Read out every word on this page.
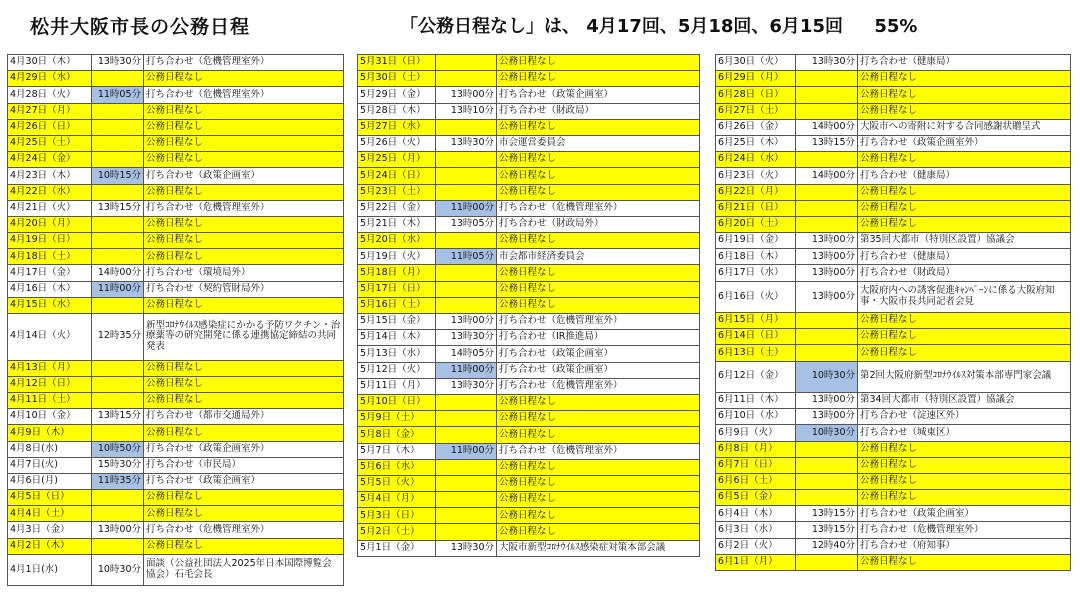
松井大阪市長の公務日程	「公務日程なし」は、 4月17回、5月18回、6月15回     55%
4月30日（木）	13時30分	打ち合わせ（危機管理室外）
4月29日（水）		公務日程なし
4月28日（火）	11時05分	打ち合わせ（危機管理室外）
4月27日（月）		公務日程なし
4月26日（日）		公務日程なし
4月25日（土）		公務日程なし
4月24日（金）		公務日程なし
4月23日（木）	10時15分	打ち合わせ（政策企画室）
4月22日（水）		公務日程なし
4月21日（火）	13時15分	打ち合わせ（危機管理室外）
4月20日（月）		公務日程なし
4月19日（日）		公務日程なし
4月18日（土）		公務日程なし
4月17日（金）	14時00分	打ち合わせ（環境局外）
4月16日（木）	11時00分	打ち合わせ（契約管財局外）
4月15日（水）		公務日程なし
4月14日（火）	12時35分	新型ｺﾛﾅｳｲﾙｽ感染症にかかる予防ワクチン・治療薬等の研究開発に係る連携協定締結の共同発表
4月13日（月）		公務日程なし
4月12日（日）		公務日程なし
4月11日（土）		公務日程なし
4月10日（金）	13時15分	打ち合わせ（都市交通局外）
4月9日（木）		公務日程なし
4月8日(水)	10時50分	打ち合わせ（政策企画室外）
4月7日(火)	15時30分	打ち合わせ（市民局）
4月6日(月)	11時35分	打ち合わせ（政策企画室）
4月5日（日）		公務日程なし
4月4日（土）		公務日程なし
4月3日（金）	13時00分	打ち合わせ（危機管理室外）
4月2日（木）		公務日程なし
4月1日(水)	10時30分	面談（公益社団法人2025年日本国際博覧会協会）石毛会長
5月31日（日）		公務日程なし
5月30日（土）		公務日程なし
5月29日（金）	13時00分	打ち合わせ（政策企画室）
5月28日（木）	13時10分	打ち合わせ（財政局）
5月27日（水）		公務日程なし
5月26日（火）	13時30分	市会運営委員会
5月25日（月）		公務日程なし
5月24日（日）		公務日程なし
5月23日（土）		公務日程なし
5月22日（金）	11時00分	打ち合わせ（危機管理室外）
5月21日（木）	13時05分	打ち合わせ（財政局外）
5月20日（水）		公務日程なし
5月19日（火）	11時05分	市会都市経済委員会
5月18日（月）		公務日程なし
5月17日（日）		公務日程なし
5月16日（土）		公務日程なし
5月15日（金）	13時00分	打ち合わせ（危機管理室外）
5月14日（木）	13時30分	打ち合わせ（IR推進局）
5月13日（水）	14時05分	打ち合わせ（政策企画室）
5月12日（火）	11時00分	打ち合わせ（政策企画室）
5月11日（月）	13時30分	打ち合わせ（危機管理室外）
5月10日（日）		公務日程なし
5月9日（土）		公務日程なし
5月8日（金）		公務日程なし
5月7日（木）	11時00分	打ち合わせ（危機管理室外）
5月6日（水）		公務日程なし
5月5日（火）		公務日程なし
5月4日（月）		公務日程なし
5月3日（日）		公務日程なし
5月2日（土）		公務日程なし
5月1日（金）	13時30分	大阪市新型ｺﾛﾅｳｲﾙｽ感染症対策本部会議
6月30日（火）	13時30分	打ち合わせ（健康局）
6月29日（月）		公務日程なし
6月28日（日）		公務日程なし
6月27日（土）		公務日程なし
6月26日（金）	14時00分	大阪市への寄附に対する合同感謝状贈呈式
6月25日（木）	13時15分	打ち合わせ（政策企画室外）
6月24日（水）		公務日程なし
6月23日（火）	14時00分	打ち合わせ（健康局）
6月22日（月）		公務日程なし
6月21日（日）		公務日程なし
6月20日（土）		公務日程なし
6月19日（金）	13時00分	第35回大都市（特別区設置）協議会
6月18日（木）	13時00分	打ち合わせ（健康局）
6月17日（水）	13時00分	打ち合わせ（財政局）
6月16日（火）	13時00分	大阪府内への誘客促進ｷｬﾝﾍﾟｰﾝに係る大阪府知事・大阪市長共同記者会見
6月15日（月）		公務日程なし
6月14日（日）		公務日程なし
6月13日（土）		公務日程なし
6月12日（金）	10時30分	第2回大阪府新型ｺﾛﾅｳｲﾙｽ対策本部専門家会議
6月11日（木）	13時00分	第34回大都市（特別区設置）協議会
6月10日（水）	13時00分	打ち合わせ（淀速区外）
6月9日（火）	10時30分	打ち合わせ（城東区）
6月8日（月）		公務日程なし
6月7日（日）		公務日程なし
6月6日（土）		公務日程なし
6月5日（金）		公務日程なし
6月4日（木）	13時15分	打ち合わせ（政策企画室）
6月3日（水）	13時15分	打ち合わせ（危機管理室外）
6月2日（火）	12時40分	打ち合わせ（府知事）
6月1日（月）		公務日程なし
